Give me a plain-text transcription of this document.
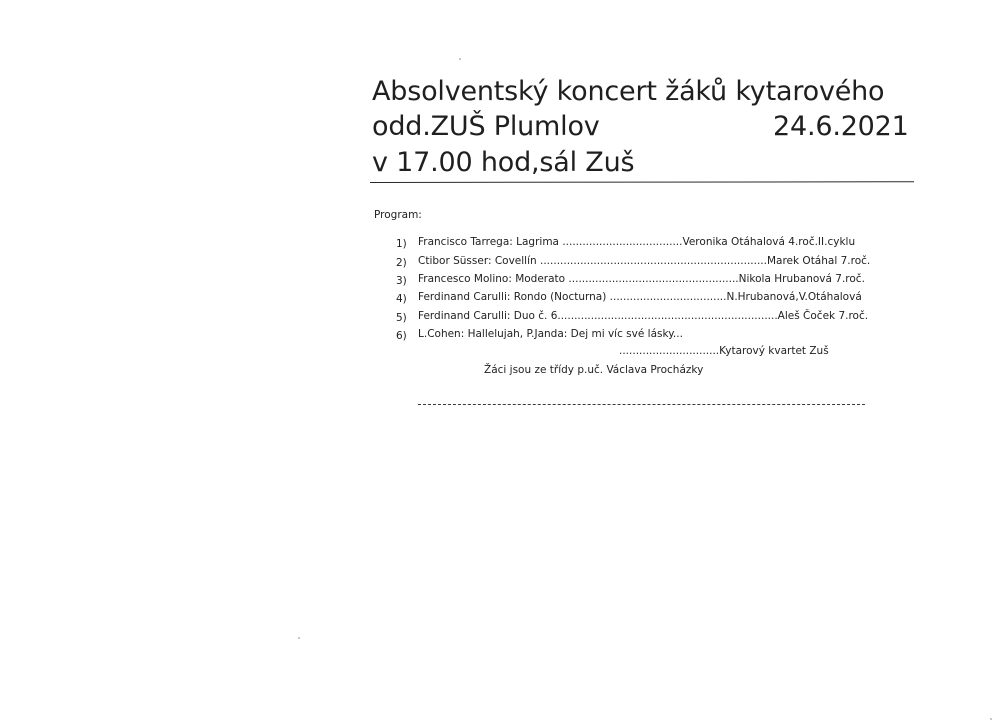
Absolventský koncert žáků kytarového
odd.ZUŠ Plumlov	24.6.2021
v 17.00 hod,sál Zuš
Program:
1) Francisco Tarrega: Lagrima ....................................Veronika Otáhalová 4.roč.II.cyklu
2) Ctibor Süsser: Covellín ....................................................................Marek Otáhal 7.roč.
3) Francesco Molino: Moderato ...................................................Nikola Hrubanová 7.roč.
4) Ferdinand Carulli: Rondo (Nocturna) ...................................N.Hrubanová,V.Otáhalová
5) Ferdinand Carulli: Duo č. 6..................................................................Aleš Čoček 7.roč.
6) L.Cohen: Hallelujah, P.Janda: Dej mi víc své lásky...
..............................Kytarový kvartet Zuš
Žáci jsou ze třídy p.uč. Václava Procházky
